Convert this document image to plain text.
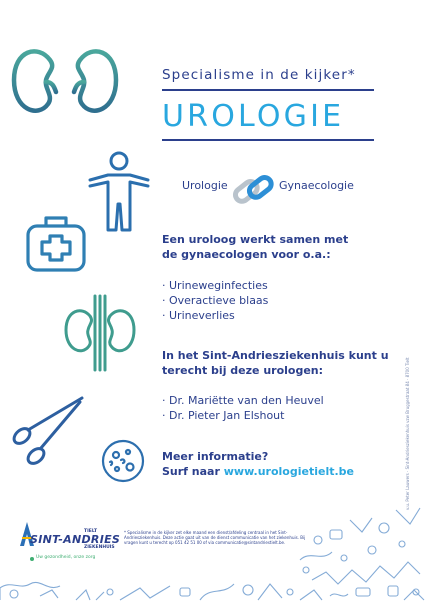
Specialisme in de kijker*
UROLOGIE
Urologie	Gynaecologie
Een uroloog werkt samen met
de gynaecologen voor o.a.:
· Urineweginfecties
· Overactieve blaas
· Urineverlies
In het Sint-Andriesziekenhuis kunt u
terecht bij deze urologen:
· Dr. Mariëtte van den Heuvel
· Dr. Pieter Jan Elshout
Meer informatie?
Surf naar www.urologietielt.be	v.u. Peter Lauwers · Sint-Andriesziekenhuis vzw Bruggestraat 84 · 8700 Tielt
SINT-ANDRIES
TIELT
ZIEKENHUIS
Uw gezondheid, onze zorg
* Specialisme in de kijker zet elke maand een dienst/afdeling centraal in het Sint-Andriesziekenhuis. Deze actie gaat uit van de dienst communicatie van het ziekenhuis. Bij vragen kunt u terecht op 051 42 51 00 of via communicatie@sintandriestielt.be.
